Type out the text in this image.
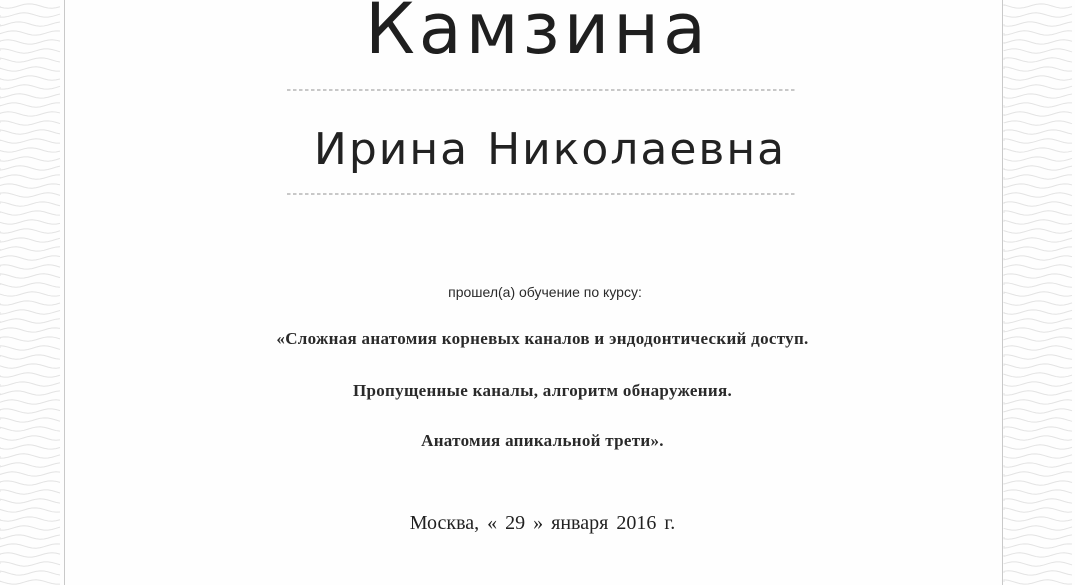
Камзина
Ирина Николаевна
прошел(а) обучение по курсу:
«Сложная анатомия корневых каналов и эндодонтический доступ.
Пропущенные каналы, алгоритм обнаружения.
Анатомия апикальной трети».
Москва, « 29 » января 2016 г.
